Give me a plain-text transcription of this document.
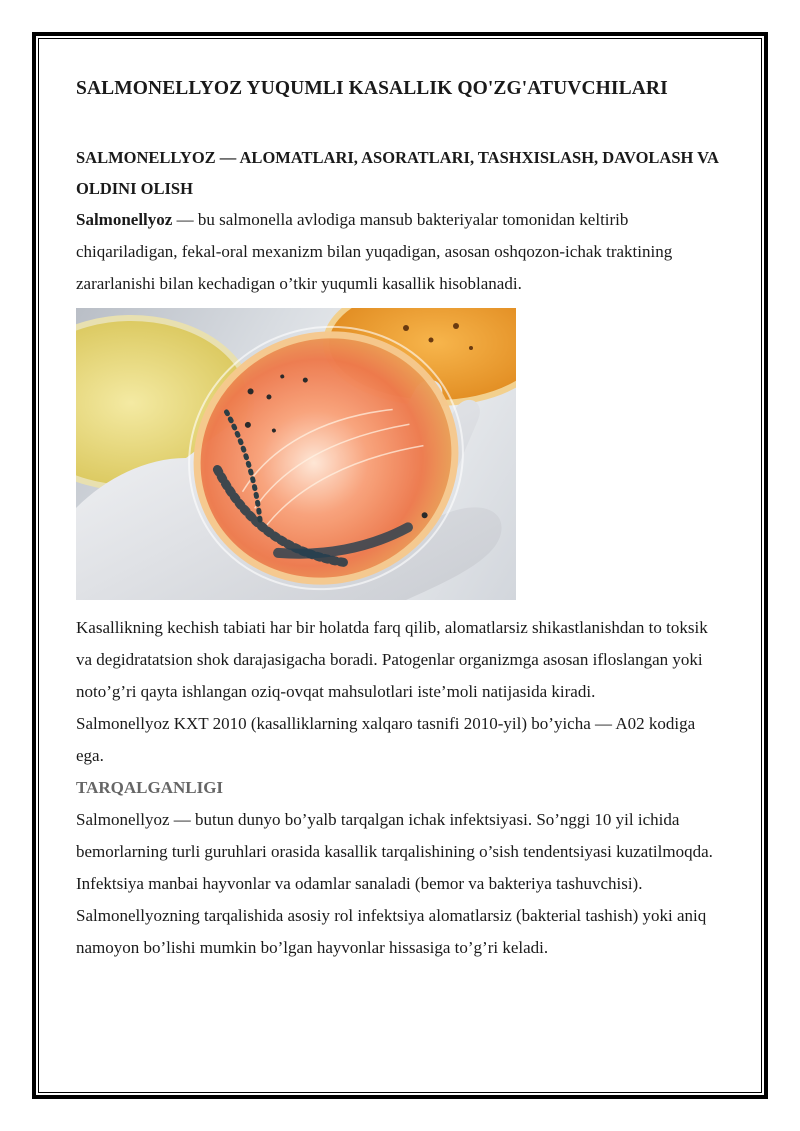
SALMONELLYOZ YUQUMLI KASALLIK QO'ZG'ATUVCHILARI
SALMONELLYOZ — ALOMATLARI, ASORATLARI, TASHXISLASH, DAVOLASH VA OLDINI OLISH

Salmonellyoz — bu salmonella avlodiga mansub bakteriyalar tomonidan keltirib chiqariladigan, fekal-oral mexanizm bilan yuqadigan, asosan oshqozon-ichak traktining zararlanishi bilan kechadigan o’tkir yuqumli kasallik hisoblanadi.

Kasallikning kechish tabiati har bir holatda farq qilib, alomatlarsiz shikastlanishdan to toksik va degidratatsion shok darajasigacha boradi. Patogenlar organizmga asosan ifloslangan yoki noto’g’ri qayta ishlangan oziq-ovqat mahsulotlari iste’moli natijasida kiradi.

Salmonellyoz KXT 2010 (kasalliklarning xalqaro tasnifi 2010-yil) bo’yicha — A02 kodiga ega.

TARQALGANLIGI

Salmonellyoz — butun dunyo bo’yalb tarqalgan ichak infektsiyasi. So’nggi 10 yil ichida bemorlarning turli guruhlari orasida kasallik tarqalishining o’sish tendentsiyasi kuzatilmoqda. Infektsiya manbai hayvonlar va odamlar sanaladi (bemor va bakteriya tashuvchisi). Salmonellyozning tarqalishida asosiy rol infektsiya alomatlarsiz (bakterial tashish) yoki aniq namoyon bo’lishi mumkin bo’lgan hayvonlar hissasiga to’g’ri keladi.
